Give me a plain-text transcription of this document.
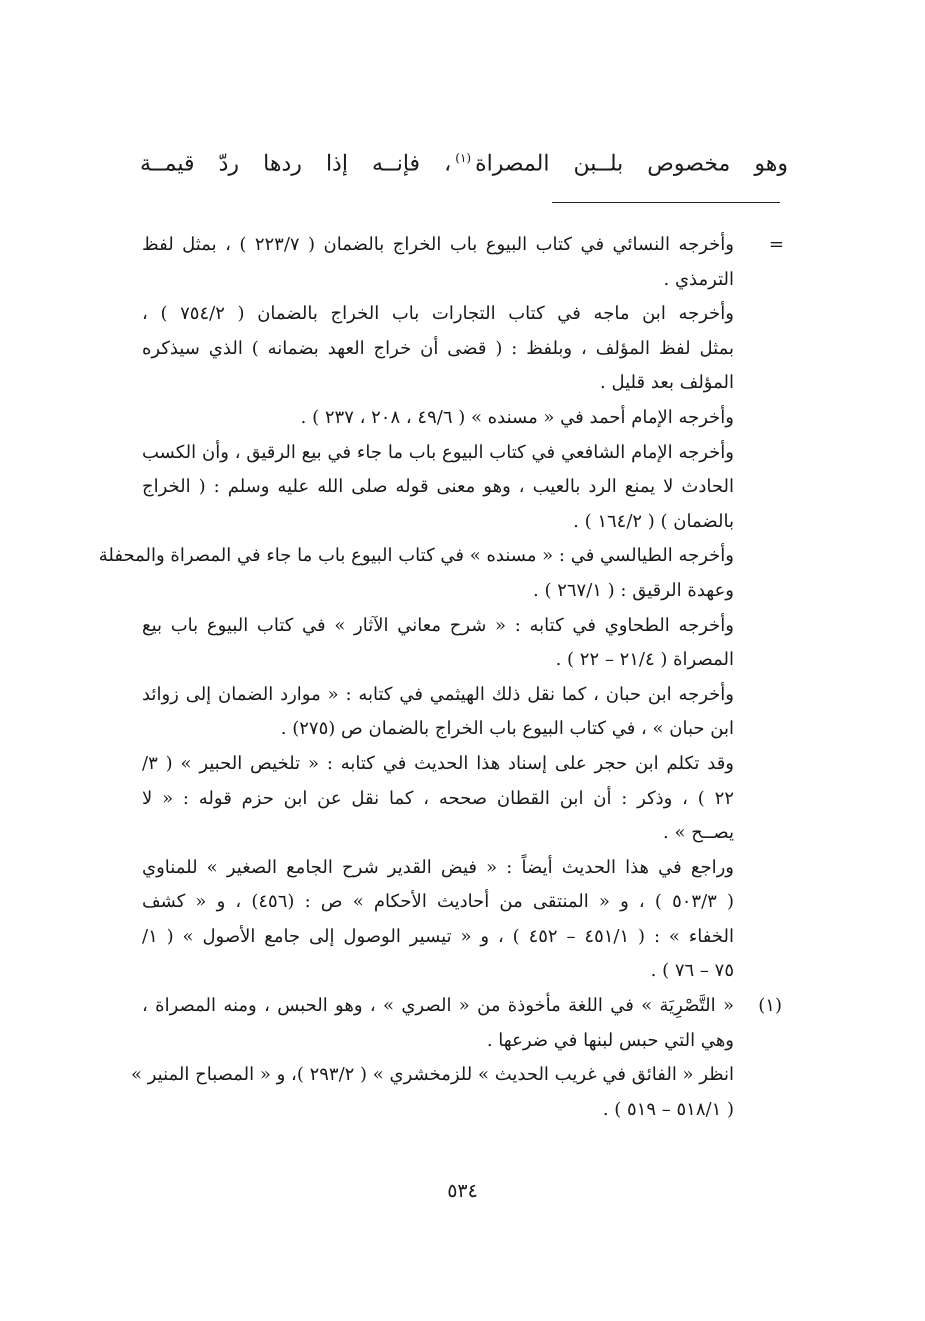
وهو مخصوص بلــبن المصراة$^{(١)}$، فإنــه إذا ردها ردّ قيمــة
=
وأخرجه النسائي في كتاب البيوع باب الخراج بالضمان ( ٢٢٣/٧ ) ، بمثل لفظ
الترمذي .
وأخرجه ابن ماجه في كتاب التجارات باب الخراج بالضمان ( ٧٥٤/٢ ) ،
بمثل لفظ المؤلف ، وبلفظ : ( قضى أن خراج العهد بضمانه ) الذي سيذكره
المؤلف بعد قليل .
وأخرجه الإمام أحمد في « مسنده » ( ٤٩/٦ ، ٢٠٨ ، ٢٣٧ ) .
وأخرجه الإمام الشافعي في كتاب البيوع باب ما جاء في بيع الرقيق ، وأن الكسب
الحادث لا يمنع الرد بالعيب ، وهو معنى قوله صلى الله عليه وسلم : ( الخراج
بالضمان ) ( ١٦٤/٢ ) .
وأخرجه الطيالسي في : « مسنده » في كتاب البيوع باب ما جاء في المصراة والمحفلة
وعهدة الرقيق : ( ٢٦٧/١ ) .
وأخرجه الطحاوي في كتابه : « شرح معاني الآثار » في كتاب البيوع باب بيع
المصراة ( ٢١/٤ – ٢٢ ) .
وأخرجه ابن حبان ، كما نقل ذلك الهيثمي في كتابه : « موارد الضمان إلى زوائد
ابن حبان » ، في كتاب البيوع باب الخراج بالضمان ص (٢٧٥) .
وقد تكلم ابن حجر على إسناد هذا الحديث في كتابه : « تلخيص الحبير » ( ٣/
٢٢ ) ، وذكر : أن ابن القطان صححه ، كما نقل عن ابن حزم قوله : « لا
يصــح » .
وراجع في هذا الحديث أيضاً : « فيض القدير شرح الجامع الصغير » للمناوي
( ٥٠٣/٣ ) ، و « المنتقى من أحاديث الأحكام » ص : (٤٥٦) ، و « كشف
الخفاء » : ( ٤٥١/١ – ٤٥٢ ) ، و « تيسير الوصول إلى جامع الأصول » ( ١/
٧٥ – ٧٦ ) .
(١)
« التَّصْرِيَة » في اللغة مأخوذة من « الصري » ، وهو الحبس ، ومنه المصراة ،
وهي التي حبس لبنها في ضرعها .
انظر « الفائق في غريب الحديث » للزمخشري » ( ٢٩٣/٢ )، و « المصباح المنير »
( ٥١٨/١ – ٥١٩ ) .
٥٣٤
